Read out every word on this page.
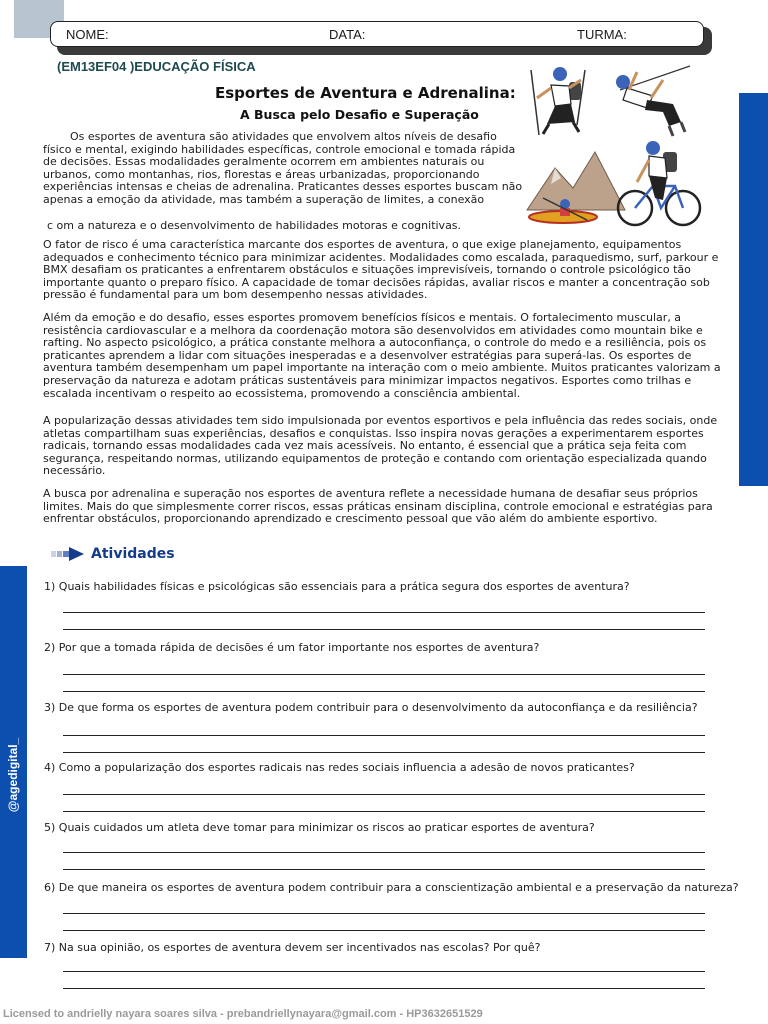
NOME:	DATA:	TURMA:
(EM13EF04 )EDUCAÇÃO FÍSICA
Esportes de Aventura e Adrenalina:
A Busca pelo Desafio e Superação

Os esportes de aventura são atividades que envolvem altos níveis de desafio físico e mental, exigindo habilidades específicas, controle emocional e tomada rápida de decisões. Essas modalidades geralmente ocorrem em ambientes naturais ou urbanos, como montanhas, rios, florestas e áreas urbanizadas, proporcionando experiências intensas e cheias de adrenalina. Praticantes desses esportes buscam não apenas a emoção da atividade, mas também a superação de limites, a conexão

c om a natureza e o desenvolvimento de habilidades motoras e cognitivas.

O fator de risco é uma característica marcante dos esportes de aventura, o que exige planejamento, equipamentos adequados e conhecimento técnico para minimizar acidentes. Modalidades como escalada, paraquedismo, surf, parkour e BMX desafiam os praticantes a enfrentarem obstáculos e situações imprevisíveis, tornando o controle psicológico tão importante quanto o preparo físico. A capacidade de tomar decisões rápidas, avaliar riscos e manter a concentração sob pressão é fundamental para um bom desempenho nessas atividades.

Além da emoção e do desafio, esses esportes promovem benefícios físicos e mentais. O fortalecimento muscular, a resistência cardiovascular e a melhora da coordenação motora são desenvolvidos em atividades como mountain bike e rafting. No aspecto psicológico, a prática constante melhora a autoconfiança, o controle do medo e a resiliência, pois os praticantes aprendem a lidar com situações inesperadas e a desenvolver estratégias para superá-las. Os esportes de aventura também desempenham um papel importante na interação com o meio ambiente. Muitos praticantes valorizam a preservação da natureza e adotam práticas sustentáveis para minimizar impactos negativos. Esportes como trilhas e escalada incentivam o respeito ao ecossistema, promovendo a consciência ambiental.

A popularização dessas atividades tem sido impulsionada por eventos esportivos e pela influência das redes sociais, onde atletas compartilham suas experiências, desafios e conquistas. Isso inspira novas gerações a experimentarem esportes radicais, tornando essas modalidades cada vez mais acessíveis. No entanto, é essencial que a prática seja feita com segurança, respeitando normas, utilizando equipamentos de proteção e contando com orientação especializada quando necessário.

A busca por adrenalina e superação nos esportes de aventura reflete a necessidade humana de desafiar seus próprios limites. Mais do que simplesmente correr riscos, essas práticas ensinam disciplina, controle emocional e estratégias para enfrentar obstáculos, proporcionando aprendizado e crescimento pessoal que vão além do ambiente esportivo.

@agedigital_
Atividades
1) Quais habilidades físicas e psicológicas são essenciais para a prática segura dos esportes de aventura?
2) Por que a tomada rápida de decisões é um fator importante nos esportes de aventura?
3) De que forma os esportes de aventura podem contribuir para o desenvolvimento da autoconfiança e da resiliência?
4) Como a popularização dos esportes radicais nas redes sociais influencia a adesão de novos praticantes?
5) Quais cuidados um atleta deve tomar para minimizar os riscos ao praticar esportes de aventura?
6) De que maneira os esportes de aventura podem contribuir para a conscientização ambiental e a preservação da natureza?
7) Na sua opinião, os esportes de aventura devem ser incentivados nas escolas? Por quê?
Licensed to andrielly nayara soares silva - prebandriellynayara@gmail.com - HP3632651529
